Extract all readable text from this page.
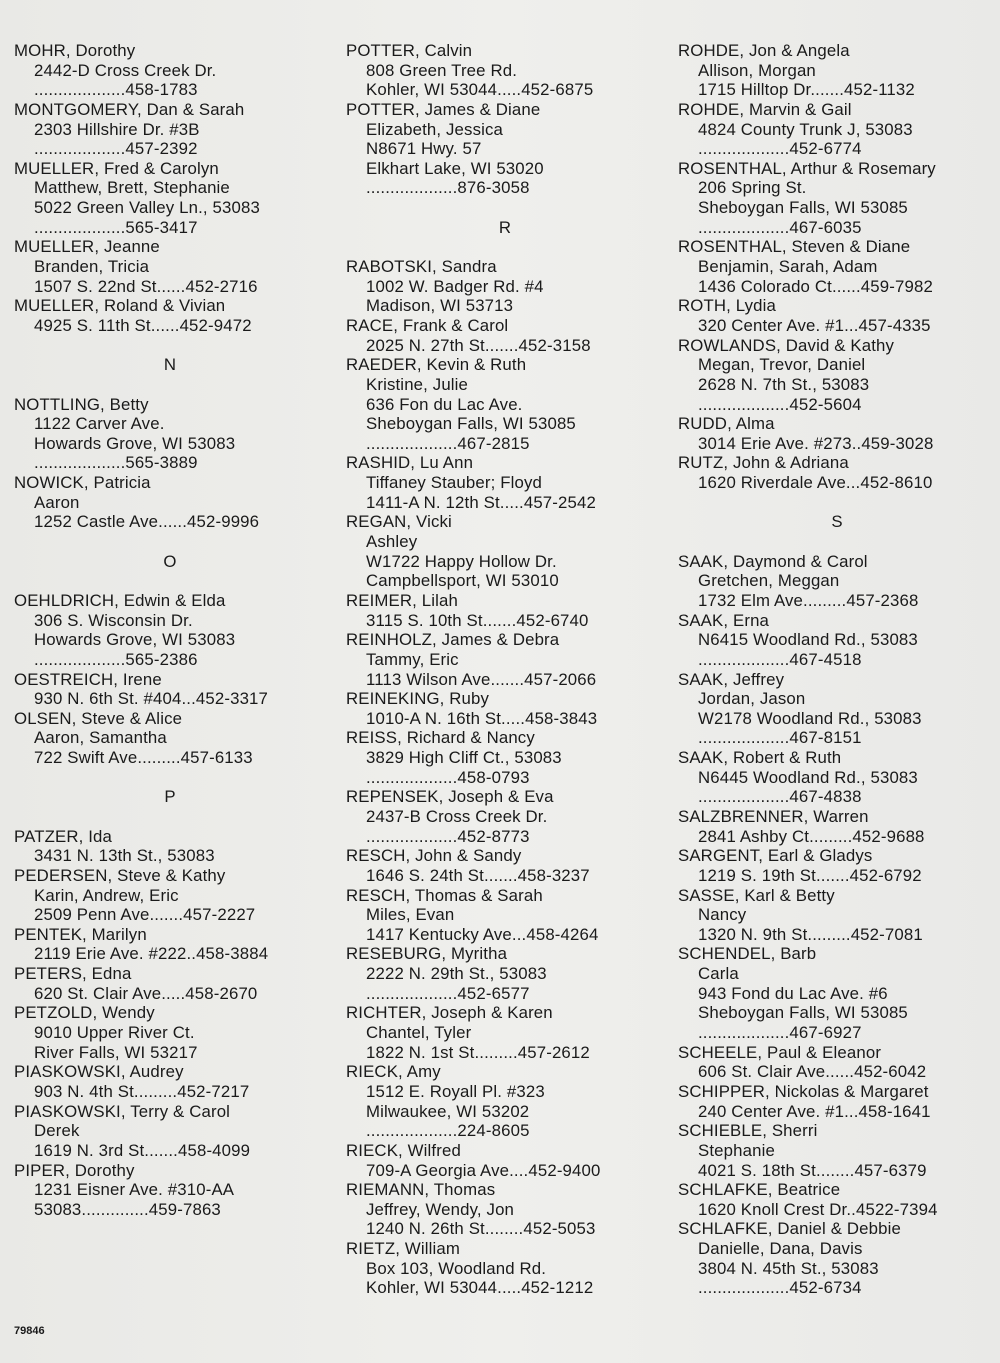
MOHR, Dorothy
2442-D Cross Creek Dr.
...................458-1783
MONTGOMERY, Dan & Sarah
2303 Hillshire Dr. #3B
...................457-2392
MUELLER, Fred & Carolyn
Matthew, Brett, Stephanie
5022 Green Valley Ln., 53083
...................565-3417
MUELLER, Jeanne
Branden, Tricia
1507 S. 22nd St......452-2716
MUELLER, Roland & Vivian
4925 S. 11th St......452-9472
N
NOTTLING, Betty
1122 Carver Ave.
Howards Grove, WI 53083
...................565-3889
NOWICK, Patricia
Aaron
1252 Castle Ave......452-9996
O
OEHLDRICH, Edwin & Elda
306 S. Wisconsin Dr.
Howards Grove, WI 53083
...................565-2386
OESTREICH, Irene
930 N. 6th St. #404...452-3317
OLSEN, Steve & Alice
Aaron, Samantha
722 Swift Ave.........457-6133
P
PATZER, Ida
3431 N. 13th St., 53083
PEDERSEN, Steve & Kathy
Karin, Andrew, Eric
2509 Penn Ave.......457-2227
PENTEK, Marilyn
2119 Erie Ave. #222..458-3884
PETERS, Edna
620 St. Clair Ave.....458-2670
PETZOLD, Wendy
9010 Upper River Ct.
River Falls, WI 53217
PIASKOWSKI, Audrey
903 N. 4th St.........452-7217
PIASKOWSKI, Terry & Carol
Derek
1619 N. 3rd St.......458-4099
PIPER, Dorothy
1231 Eisner Ave. #310-AA
53083..............459-7863
POTTER, Calvin
808 Green Tree Rd.
Kohler, WI 53044.....452-6875
POTTER, James & Diane
Elizabeth, Jessica
N8671 Hwy. 57
Elkhart Lake, WI 53020
...................876-3058
R
RABOTSKI, Sandra
1002 W. Badger Rd. #4
Madison, WI 53713
RACE, Frank & Carol
2025 N. 27th St.......452-3158
RAEDER, Kevin & Ruth
Kristine, Julie
636 Fon du Lac Ave.
Sheboygan Falls, WI 53085
...................467-2815
RASHID, Lu Ann
Tiffaney Stauber; Floyd
1411-A N. 12th St.....457-2542
REGAN, Vicki
Ashley
W1722 Happy Hollow Dr.
Campbellsport, WI 53010
REIMER, Lilah
3115 S. 10th St.......452-6740
REINHOLZ, James & Debra
Tammy, Eric
1113 Wilson Ave.......457-2066
REINEKING, Ruby
1010-A N. 16th St.....458-3843
REISS, Richard & Nancy
3829 High Cliff Ct., 53083
...................458-0793
REPENSEK, Joseph & Eva
2437-B Cross Creek Dr.
...................452-8773
RESCH, John & Sandy
1646 S. 24th St.......458-3237
RESCH, Thomas & Sarah
Miles, Evan
1417 Kentucky Ave...458-4264
RESEBURG, Myritha
2222 N. 29th St., 53083
...................452-6577
RICHTER, Joseph & Karen
Chantel, Tyler
1822 N. 1st St.........457-2612
RIECK, Amy
1512 E. Royall Pl. #323
Milwaukee, WI 53202
...................224-8605
RIECK, Wilfred
709-A Georgia Ave....452-9400
RIEMANN, Thomas
Jeffrey, Wendy, Jon
1240 N. 26th St........452-5053
RIETZ, William
Box 103, Woodland Rd.
Kohler, WI 53044.....452-1212
ROHDE, Jon & Angela
Allison, Morgan
1715 Hilltop Dr.......452-1132
ROHDE, Marvin & Gail
4824 County Trunk J, 53083
...................452-6774
ROSENTHAL, Arthur & Rosemary
206 Spring St.
Sheboygan Falls, WI 53085
...................467-6035
ROSENTHAL, Steven & Diane
Benjamin, Sarah, Adam
1436 Colorado Ct......459-7982
ROTH, Lydia
320 Center Ave. #1...457-4335
ROWLANDS, David & Kathy
Megan, Trevor, Daniel
2628 N. 7th St., 53083
...................452-5604
RUDD, Alma
3014 Erie Ave. #273..459-3028
RUTZ, John & Adriana
1620 Riverdale Ave...452-8610
S
SAAK, Daymond & Carol
Gretchen, Meggan
1732 Elm Ave.........457-2368
SAAK, Erna
N6415 Woodland Rd., 53083
...................467-4518
SAAK, Jeffrey
Jordan, Jason
W2178 Woodland Rd., 53083
...................467-8151
SAAK, Robert & Ruth
N6445 Woodland Rd., 53083
...................467-4838
SALZBRENNER, Warren
2841 Ashby Ct.........452-9688
SARGENT, Earl & Gladys
1219 S. 19th St.......452-6792
SASSE, Karl & Betty
Nancy
1320 N. 9th St.........452-7081
SCHENDEL, Barb
Carla
943 Fond du Lac Ave. #6
Sheboygan Falls, WI 53085
...................467-6927
SCHEELE, Paul & Eleanor
606 St. Clair Ave......452-6042
SCHIPPER, Nickolas & Margaret
240 Center Ave. #1...458-1641
SCHIEBLE, Sherri
Stephanie
4021 S. 18th St........457-6379
SCHLAFKE, Beatrice
1620 Knoll Crest Dr..4522-7394
SCHLAFKE, Daniel & Debbie
Danielle, Dana, Davis
3804 N. 45th St., 53083
...................452-6734
79846
